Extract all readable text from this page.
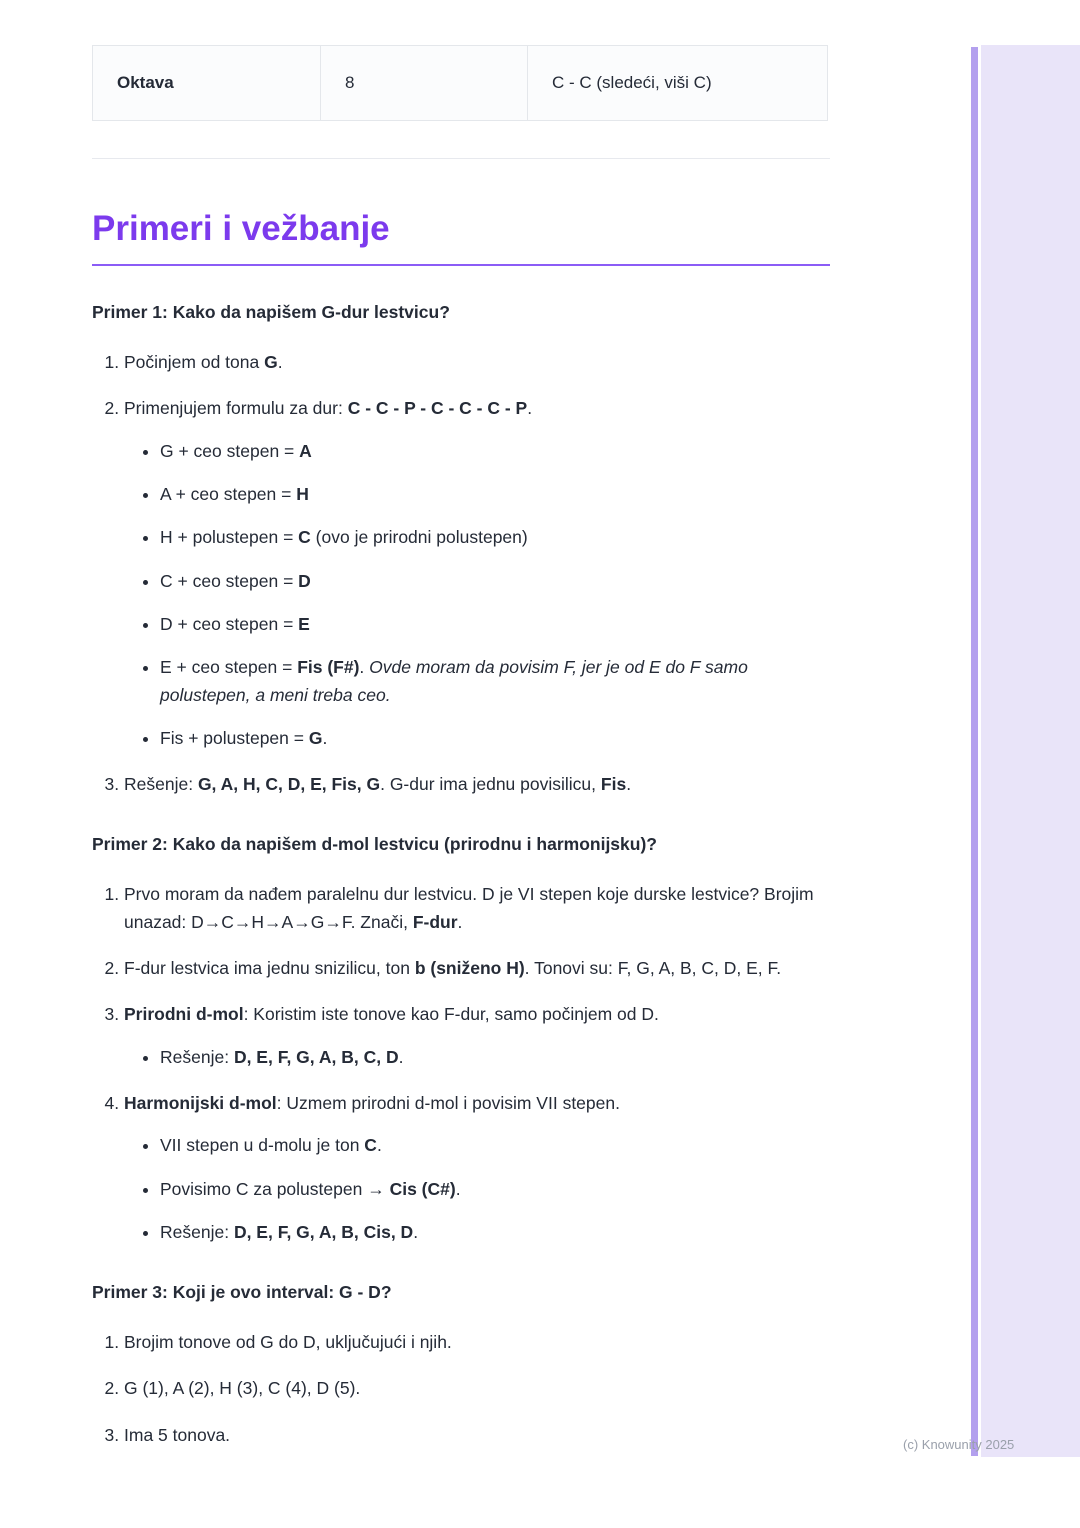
Oktava	8	C - C (sledeći, viši C)
Primeri i vežbanje
Primer 1: Kako da napišem G-dur lestvicu?
1. Počinjem od tona G.
2. Primenjujem formulu za dur: C - C - P - C - C - C - P.
• G + ceo stepen = A
• A + ceo stepen = H
• H + polustepen = C (ovo je prirodni polustepen)
• C + ceo stepen = D
• D + ceo stepen = E
• E + ceo stepen = Fis (F#). Ovde moram da povisim F, jer je od E do F samo polustepen, a meni treba ceo.
• Fis + polustepen = G.
3. Rešenje: G, A, H, C, D, E, Fis, G. G-dur ima jednu povisilicu, Fis.
Primer 2: Kako da napišem d-mol lestvicu (prirodnu i harmonijsku)?
1. Prvo moram da nađem paralelnu dur lestvicu. D je VI stepen koje durske lestvice? Brojim unazad: D→C→H→A→G→F. Znači, F-dur.
2. F-dur lestvica ima jednu snizilicu, ton b (sniženo H). Tonovi su: F, G, A, B, C, D, E, F.
3. Prirodni d-mol: Koristim iste tonove kao F-dur, samo počinjem od D.
• Rešenje: D, E, F, G, A, B, C, D.
4. Harmonijski d-mol: Uzmem prirodni d-mol i povisim VII stepen.
• VII stepen u d-molu je ton C.
• Povisimo C za polustepen → Cis (C#).
• Rešenje: D, E, F, G, A, B, Cis, D.
Primer 3: Koji je ovo interval: G - D?
1. Brojim tonove od G do D, uključujući i njih.
2. G (1), A (2), H (3), C (4), D (5).
3. Ima 5 tonova.	(c) Knowunity 2025
